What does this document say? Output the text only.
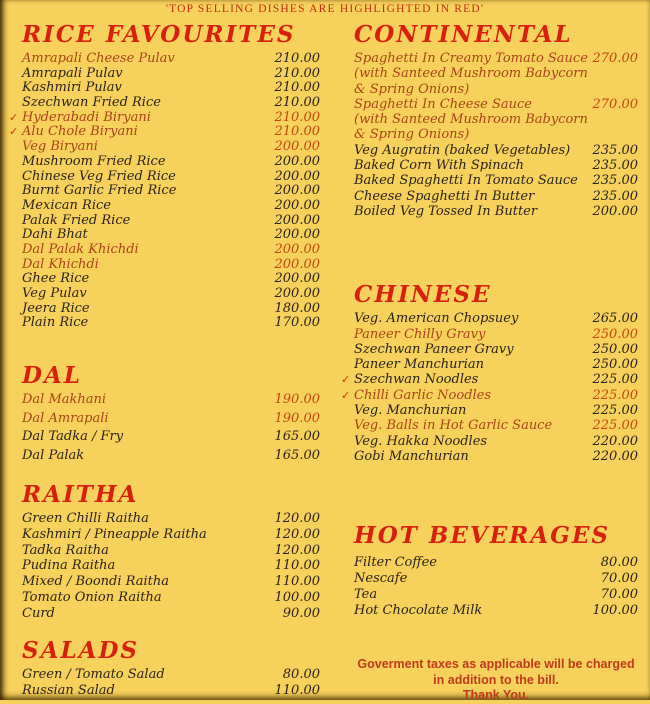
'TOP SELLING DISHES ARE HIGHLIGHTED IN RED'
RICE FAVOURITES
Amrapali Cheese Pulav	210.00
Amrapali Pulav	210.00
Kashmiri Pulav	210.00
Szechwan Fried Rice	210.00
✓ Hyderabadi Biryani	210.00
✓ Alu Chole Biryani	210.00
Veg Biryani	200.00
Mushroom Fried Rice	200.00
Chinese Veg Fried Rice	200.00
Burnt Garlic Fried Rice	200.00
Mexican Rice	200.00
Palak Fried Rice	200.00
Dahi Bhat	200.00
Dal Palak Khichdi	200.00
Dal Khichdi	200.00
Ghee Rice	200.00
Veg Pulav	200.00
Jeera Rice	180.00
Plain Rice	170.00
DAL
Dal Makhani	190.00
Dal Amrapali	190.00
Dal Tadka / Fry	165.00
Dal Palak	165.00
RAITHA
Green Chilli Raitha	120.00
Kashmiri / Pineapple Raitha	120.00
Tadka Raitha	120.00
Pudina Raitha	110.00
Mixed / Boondi Raitha	110.00
Tomato Onion Raitha	100.00
Curd	90.00
SALADS
Green / Tomato Salad	80.00
Russian Salad	110.00
CONTINENTAL
Spaghetti In Creamy Tomato Sauce 270.00
(with Santeed Mushroom Babycorn
& Spring Onions)
Spaghetti In Cheese Sauce	270.00
(with Santeed Mushroom Babycorn
& Spring Onions)
Veg Augratin (baked Vegetables)	235.00
Baked Corn With Spinach	235.00
Baked Spaghetti In Tomato Sauce	235.00
Cheese Spaghetti In Butter	235.00
Boiled Veg Tossed In Butter	200.00
CHINESE
Veg. American Chopsuey	265.00
Paneer Chilly Gravy	250.00
Szechwan Paneer Gravy	250.00
Paneer Manchurian	250.00
✓ Szechwan Noodles	225.00
✓ Chilli Garlic Noodles	225.00
Veg. Manchurian	225.00
Veg. Balls in Hot Garlic Sauce	225.00
Veg. Hakka Noodles	220.00
Gobi Manchurian	220.00
HOT BEVERAGES
Filter Coffee	80.00
Nescafe	70.00
Tea	70.00
Hot Chocolate Milk	100.00
Goverment taxes as applicable will be charged
in addition to the bill.
Thank You.
